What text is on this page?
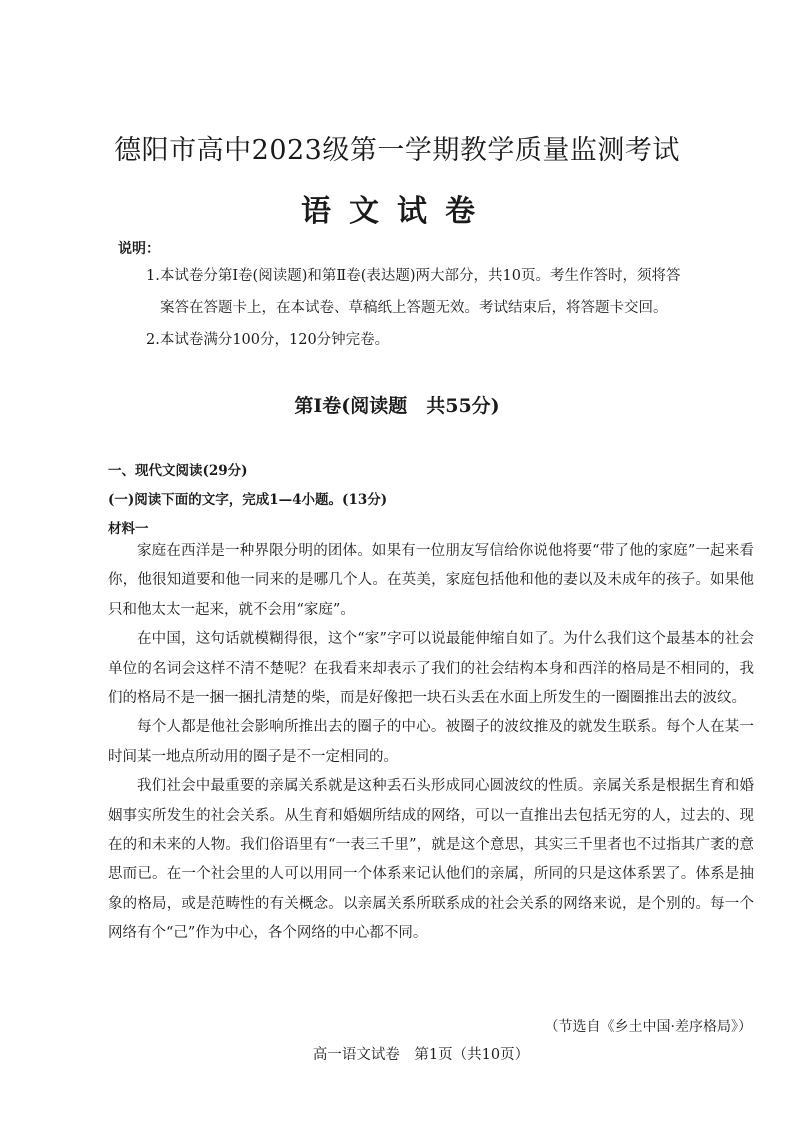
德阳市高中2023级第一学期教学质量监测考试
语文试卷
说明：
1.本试卷分第Ⅰ卷(阅读题)和第Ⅱ卷(表达题)两大部分，共10页。考生作答时，须将答
案答在答题卡上，在本试卷、草稿纸上答题无效。考试结束后，将答题卡交回。
2.本试卷满分100分，120分钟完卷。
第Ⅰ卷(阅读题　共55分)
一、现代文阅读(29分)
(一)阅读下面的文字，完成1—4小题。(13分)
材料一

家庭在西洋是一种界限分明的团体。如果有一位朋友写信给你说他将要“带了他的家庭”一起来看你，他很知道要和他一同来的是哪几个人。在英美，家庭包括他和他的妻以及未成年的孩子。如果他只和他太太一起来，就不会用“家庭”。

在中国，这句话就模糊得很，这个“家”字可以说最能伸缩自如了。为什么我们这个最基本的社会单位的名词会这样不清不楚呢？在我看来却表示了我们的社会结构本身和西洋的格局是不相同的，我们的格局不是一捆一捆扎清楚的柴，而是好像把一块石头丢在水面上所发生的一圈圈推出去的波纹。

每个人都是他社会影响所推出去的圈子的中心。被圈子的波纹推及的就发生联系。每个人在某一时间某一地点所动用的圈子是不一定相同的。

我们社会中最重要的亲属关系就是这种丢石头形成同心圆波纹的性质。亲属关系是根据生育和婚姻事实所发生的社会关系。从生育和婚姻所结成的网络，可以一直推出去包括无穷的人，过去的、现在的和未来的人物。我们俗语里有“一表三千里”，就是这个意思，其实三千里者也不过指其广袤的意思而已。在一个社会里的人可以用同一个体系来记认他们的亲属，所同的只是这体系罢了。体系是抽象的格局，或是范畴性的有关概念。以亲属关系所联系成的社会关系的网络来说，是个别的。每一个网络有个“己”作为中心，各个网络的中心都不同。

（节选自《乡土中国·差序格局》）
高一语文试卷　第1页（共10页）
